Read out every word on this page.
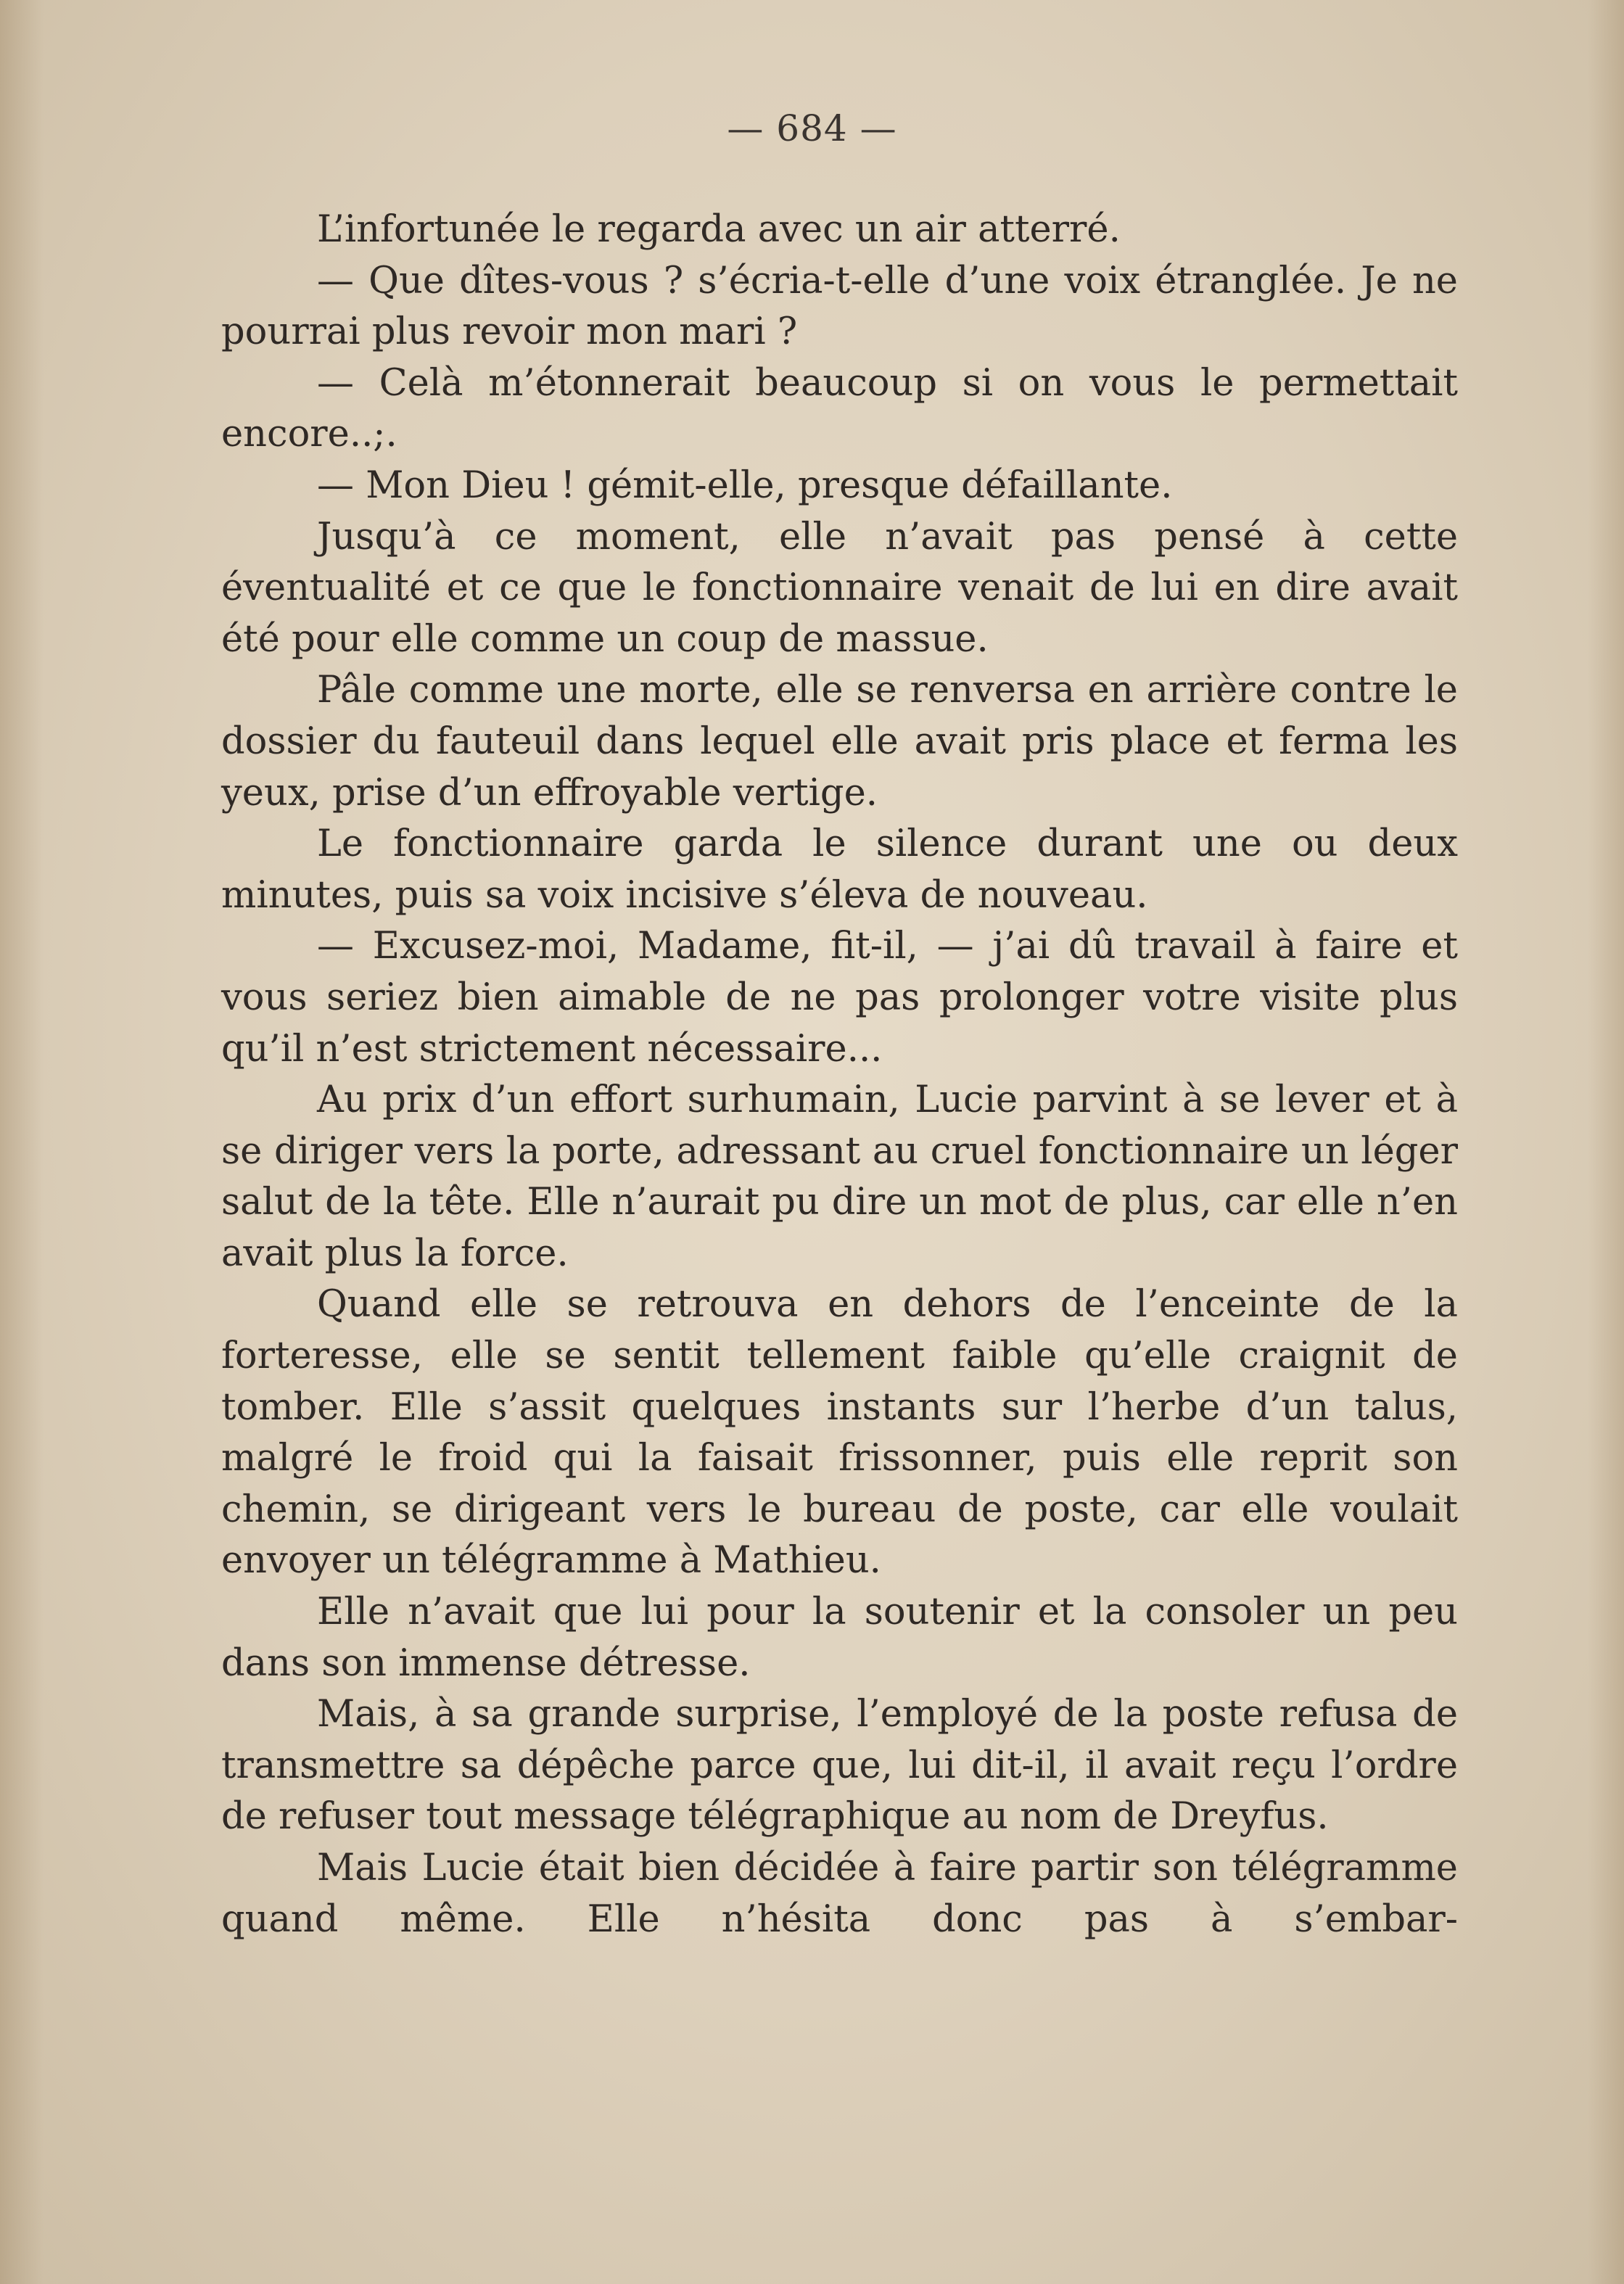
— 684 —

L’infortunée le regarda avec un air atterré.

— Que dîtes-vous ? s’écria-t-elle d’une voix étranglée. Je ne pourrai plus revoir mon mari ?

— Celà m’étonnerait beaucoup si on vous le permettait encore..;.

— Mon Dieu ! gémit-elle, presque défaillante.

Jusqu’à ce moment, elle n’avait pas pensé à cette éventualité et ce que le fonctionnaire venait de lui en dire avait été pour elle comme un coup de massue.

Pâle comme une morte, elle se renversa en arrière contre le dossier du fauteuil dans lequel elle avait pris place et ferma les yeux, prise d’un effroyable vertige.

Le fonctionnaire garda le silence durant une ou deux minutes, puis sa voix incisive s’éleva de nouveau.

— Excusez-moi, Madame, fit-il, — j’ai dû travail à faire et vous seriez bien aimable de ne pas prolonger votre visite plus qu’il n’est strictement nécessaire...

Au prix d’un effort surhumain, Lucie parvint à se lever et à se diriger vers la porte, adressant au cruel fonctionnaire un léger salut de la tête. Elle n’aurait pu dire un mot de plus, car elle n’en avait plus la force.

Quand elle se retrouva en dehors de l’enceinte de la forteresse, elle se sentit tellement faible qu’elle craignit de tomber. Elle s’assit quelques instants sur l’herbe d’un talus, malgré le froid qui la faisait frissonner, puis elle reprit son chemin, se dirigeant vers le bureau de poste, car elle voulait envoyer un télégramme à Mathieu.

Elle n’avait que lui pour la soutenir et la consoler un peu dans son immense détresse.

Mais, à sa grande surprise, l’employé de la poste refusa de transmettre sa dépêche parce que, lui dit-il, il avait reçu l’ordre de refuser tout message télégraphique au nom de Dreyfus.

Mais Lucie était bien décidée à faire partir son télégramme quand même. Elle n’hésita donc pas à s’embar-
